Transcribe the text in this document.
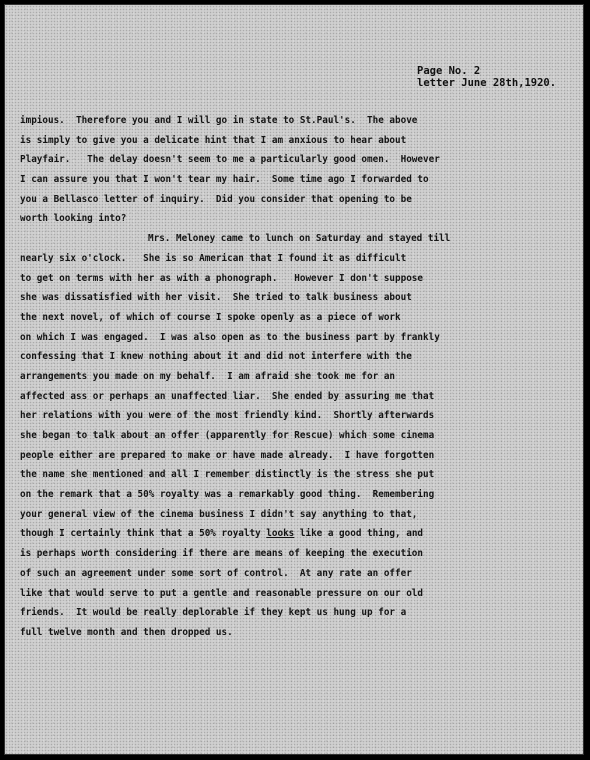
Page No. 2
letter June 28th,1920.
impious.  Therefore you and I will go in state to St.Paul's.  The above
is simply to give you a delicate hint that I am anxious to hear about
Playfair.   The delay doesn't seem to me a particularly good omen.  However
I can assure you that I won't tear my hair.  Some time ago I forwarded to
you a Bellasco letter of inquiry.  Did you consider that opening to be
worth looking into?
Mrs. Meloney came to lunch on Saturday and stayed till
nearly six o'clock.   She is so American that I found it as difficult
to get on terms with her as with a phonograph.   However I don't suppose
she was dissatisfied with her visit.  She tried to talk business about
the next novel, of which of course I spoke openly as a piece of work
on which I was engaged.  I was also open as to the business part by frankly
confessing that I knew nothing about it and did not interfere with the
arrangements you made on my behalf.  I am afraid she took me for an
affected ass or perhaps an unaffected liar.  She ended by assuring me that
her relations with you were of the most friendly kind.  Shortly afterwards
she began to talk about an offer (apparently for Rescue) which some cinema
people either are prepared to make or have made already.  I have forgotten
the name she mentioned and all I remember distinctly is the stress she put
on the remark that a 50% royalty was a remarkably good thing.  Remembering
your general view of the cinema business I didn't say anything to that,
though I certainly think that a 50% royalty looks like a good thing, and
is perhaps worth considering if there are means of keeping the execution
of such an agreement under some sort of control.  At any rate an offer
like that would serve to put a gentle and reasonable pressure on our old
friends.  It would be really deplorable if they kept us hung up for a
full twelve month and then dropped us.
